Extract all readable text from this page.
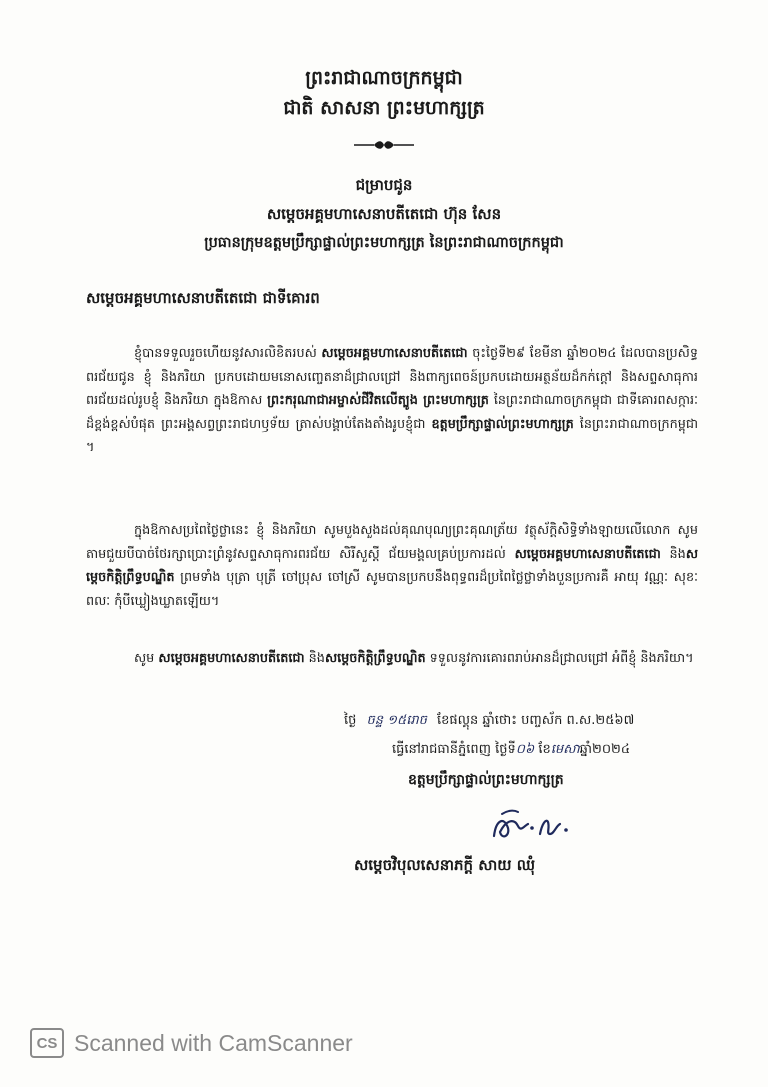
ព្រះរាជាណាចក្រកម្ពុជា
ជាតិ សាសនា ព្រះមហាក្សត្រ
ជម្រាបជូន
សម្តេចអគ្គមហាសេនាបតីតេជោ ហ៊ុន សែន
ប្រធានក្រុមឧត្តមប្រឹក្សាផ្ទាល់ព្រះមហាក្សត្រ នៃព្រះរាជាណាចក្រកម្ពុជា
សម្តេចអគ្គមហាសេនាបតីតេជោ ជាទីគោរព
ខ្ញុំបានទទួលរួចហើយនូវសារលិខិតរបស់ សម្តេចអគ្គមហាសេនាបតីតេជោ ចុះថ្ងៃទី២៩ ខែមីនា ឆ្នាំ២០២៤ ដែលបានប្រសិទ្ធពរជ័យជូន ខ្ញុំ និងភរិយា ប្រកបដោយមនោសញ្ចេតនាដ៏ជ្រាលជ្រៅ និងពាក្យពេចន៍ប្រកបដោយអត្ថន័យដ៏កក់ក្តៅ និងសព្ទសាធុការពរជ័យដល់រូបខ្ញុំ និងភរិយា ក្នុងឱកាស ព្រះករុណាជាអម្ចាស់ជីវិតលើត្បូង ព្រះមហាក្សត្រ នៃព្រះរាជាណាចក្រកម្ពុជា ជាទីគោរពសក្ការៈដ៏ខ្ពង់ខ្ពស់បំផុត ព្រះអង្គសព្វព្រះរាជហឫទ័យ ត្រាស់បង្គាប់តែងតាំងរូបខ្ញុំជា ឧត្តមប្រឹក្សាផ្ទាល់ព្រះមហាក្សត្រ នៃព្រះរាជាណាចក្រកម្ពុជា ។
ក្នុងឱកាសប្រពៃថ្ងៃថ្លានេះ ខ្ញុំ និងភរិយា សូមបួងសួងដល់គុណបុណ្យព្រះគុណត្រ័យ វត្ថុស័ក្តិសិទ្ធិទាំងឡាយលើលោក សូមតាមជួយបីបាច់ថែរក្សាប្រោះព្រំនូវសព្ទសាធុការពរជ័យ សិរីសួស្តី ជ័យមង្គលគ្រប់ប្រការដល់ សម្តេចអគ្គមហាសេនាបតីតេជោ និងសម្តេចកិត្តិព្រឹទ្ធបណ្ឌិត ព្រមទាំង បុត្រា បុត្រី ចៅប្រុស ចៅស្រី សូមបានប្រកបនឹងពុទ្ធពរដ៏ប្រពៃថ្លៃថ្លាទាំងបួនប្រការគឺ អាយុ វណ្ណៈ សុខៈ ពលៈ កុំបីឃ្លៀងឃ្លាតឡើយ។
សូម សម្តេចអគ្គមហាសេនាបតីតេជោ និងសម្តេចកិត្តិព្រឹទ្ធបណ្ឌិត ទទួលនូវការគោរពរាប់អានដ៏ជ្រាលជ្រៅ អំពីខ្ញុំ និងភរិយា។
ថ្ងៃ ចន្ទ ១៥រោច ខែផល្គុន ឆ្នាំថោះ បញ្ចស័ក ព.ស.២៥៦៧
ធ្វើនៅរាជធានីភ្នំពេញ ថ្ងៃទី០៦ ខែមេសាឆ្នាំ២០២៤
ឧត្តមប្រឹក្សាផ្ទាល់ព្រះមហាក្សត្រ
សម្តេចវិបុលសេនាភក្តី សាយ ឈុំ
CS Scanned with CamScanner
